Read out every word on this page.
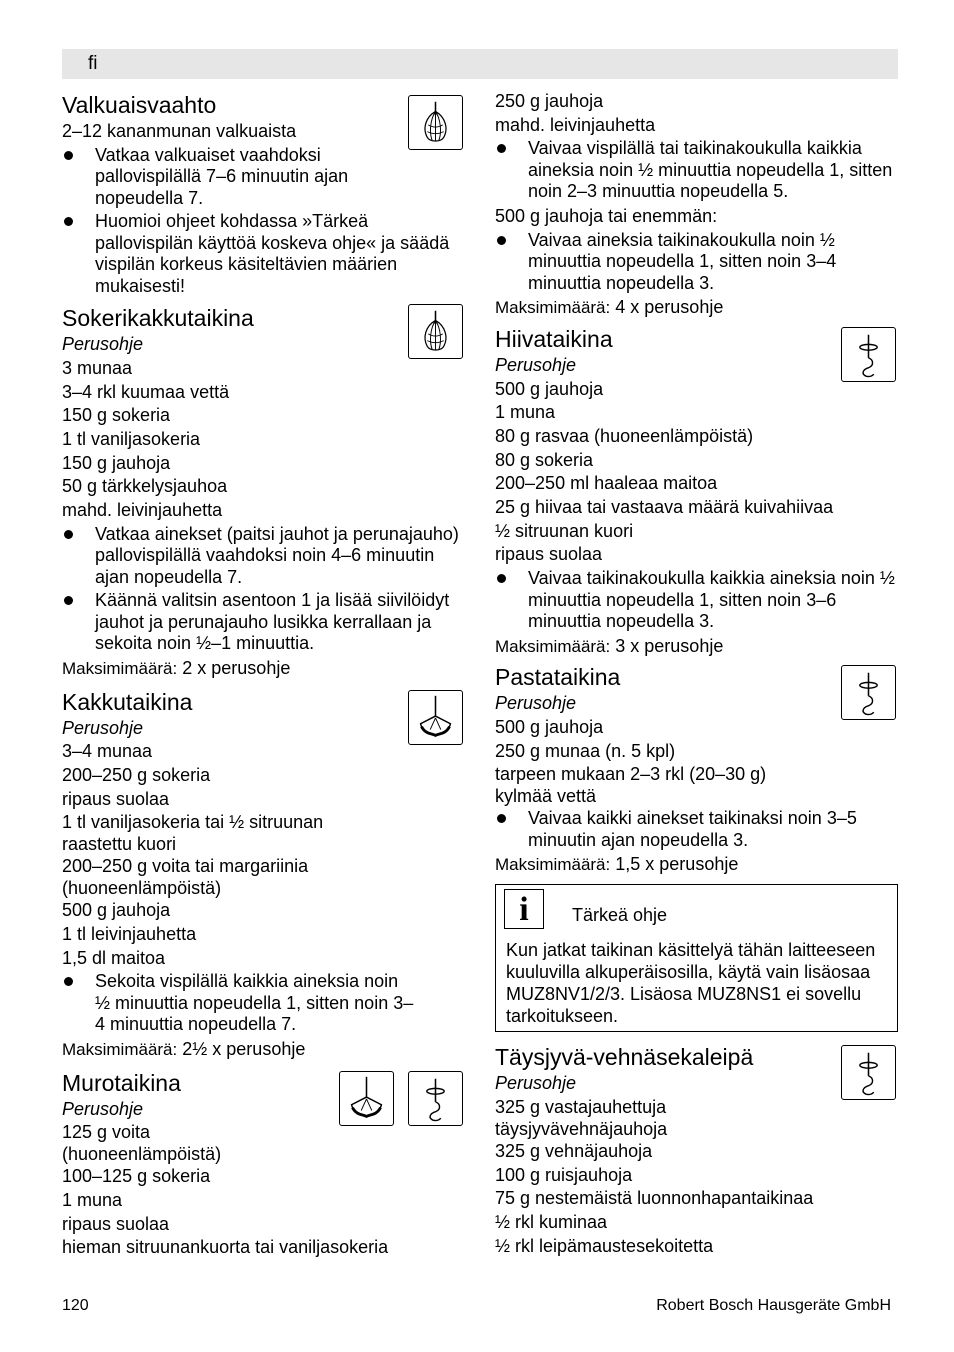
fi
Valkuaisvaahto
2–12 kananmunan valkuaista
Vatkaa valkuaiset vaahdoksi pallovispilällä 7–6 minuutin ajan nopeudella 7.
Huomioi ohjeet kohdassa »Tärkeä pallovispilän käyttöä koskeva ohje« ja säädä vispilän korkeus käsiteltävien määrien mukaisesti!
Sokerikakkutaikina
Perusohje
3 munaa
3–4 rkl kuumaa vettä
150 g sokeria
1 tl vaniljasokeria
150 g jauhoja
50 g tärkkelysjauhoa
mahd. leivinjauhetta
Vatkaa ainekset (paitsi jauhot ja perunajauho) pallovispilällä vaahdoksi noin 4–6 minuutin ajan nopeudella 7.
Käännä valitsin asentoon 1 ja lisää siivilöidyt jauhot ja perunajauho lusikka kerrallaan ja sekoita noin ½–1 minuuttia.
Maksimimäärä: 2 x perusohje
Kakkutaikina
Perusohje
3–4 munaa
200–250 g sokeria
ripaus suolaa
1 tl vaniljasokeria tai ½ sitruunan raastettu kuori
200–250 g voita tai margariinia (huoneenlämpöistä)
500 g jauhoja
1 tl leivinjauhetta
1,5 dl maitoa
Sekoita vispilällä kaikkia aineksia noin ½ minuuttia nopeudella 1, sitten noin 3–4 minuuttia nopeudella 7.
Maksimimäärä: 2½ x perusohje
Murotaikina
Perusohje
125 g voita (huoneenlämpöistä)
100–125 g sokeria
1 muna
ripaus suolaa
hieman sitruunankuorta tai vaniljasokeria
250 g jauhoja
mahd. leivinjauhetta
Vaivaa vispilällä tai taikinakoukulla kaikkia aineksia noin ½ minuuttia nopeudella 1, sitten noin 2–3 minuuttia nopeudella 5.
500 g jauhoja tai enemmän:
Vaivaa aineksia taikinakoukulla noin ½ minuuttia nopeudella 1, sitten noin 3–4 minuuttia nopeudella 3.
Maksimimäärä: 4 x perusohje
Hiivataikina
Perusohje
500 g jauhoja
1 muna
80 g rasvaa (huoneenlämpöistä)
80 g sokeria
200–250 ml haaleaa maitoa
25 g hiivaa tai vastaava määrä kuivahiivaa
½ sitruunan kuori
ripaus suolaa
Vaivaa taikinakoukulla kaikkia aineksia noin ½ minuuttia nopeudella 1, sitten noin 3–6 minuuttia nopeudella 3.
Maksimimäärä: 3 x perusohje
Pastataikina
Perusohje
500 g jauhoja
250 g munaa (n. 5 kpl)
tarpeen mukaan 2–3 rkl (20–30 g) kylmää vettä
Vaivaa kaikki ainekset taikinaksi noin 3–5 minuutin ajan nopeudella 3.
Maksimimäärä: 1,5 x perusohje
i	Tärkeä ohje
Kun jatkat taikinan käsittelyä tähän laitteeseen kuuluvilla alkuperäisosilla, käytä vain lisäosaa MUZ8NV1/2/3. Lisäosa MUZ8NS1 ei sovellu tarkoitukseen.
Täysjyvä-vehnäsekaleipä
Perusohje
325 g vastajauhettuja täysjyvävehnäjauhoja
325 g vehnäjauhoja
100 g ruisjauhoja
75 g nestemäistä luonnonhapantaikinaa
½ rkl kuminaa
½ rkl leipämaustesekoitetta
120	Robert Bosch Hausgeräte GmbH
